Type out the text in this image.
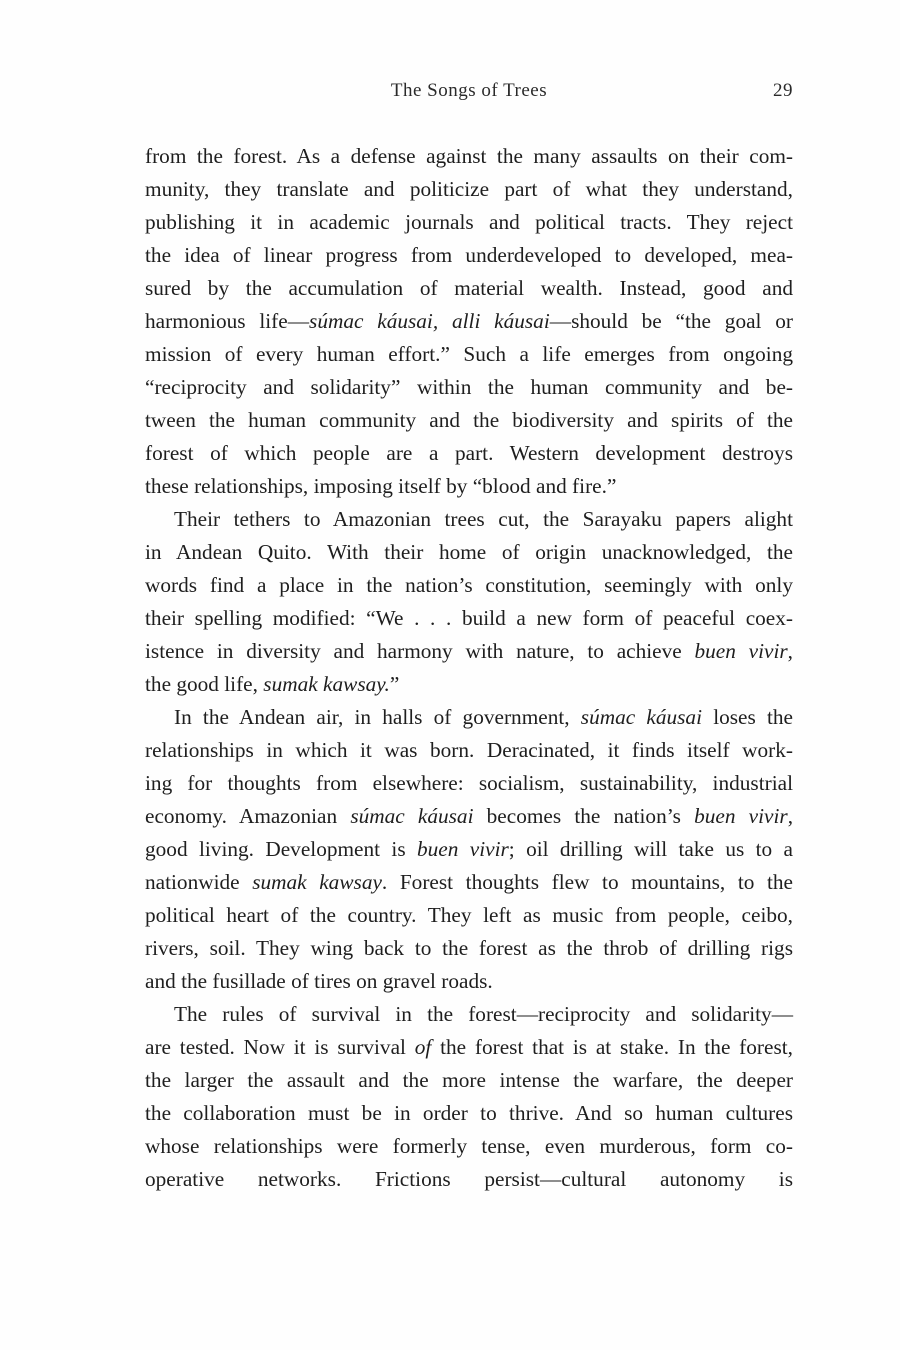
The Songs of Trees	29
from the forest. As a defense against the many assaults on their com-
munity, they translate and politicize part of what they understand,
publishing it in academic journals and political tracts. They reject
the idea of linear progress from underdeveloped to developed, mea-
sured by the accumulation of material wealth. Instead, good and
harmonious life—súmac káusai, alli káusai—should be “the goal or
mission of every human effort.” Such a life emerges from ongoing
“reciprocity and solidarity” within the human community and be-
tween the human community and the biodiversity and spirits of the
forest of which people are a part. Western development destroys
these relationships, imposing itself by “blood and fire.”
Their tethers to Amazonian trees cut, the Sarayaku papers alight
in Andean Quito. With their home of origin unacknowledged, the
words find a place in the nation’s constitution, seemingly with only
their spelling modified: “We . . . build a new form of peaceful coex-
istence in diversity and harmony with nature, to achieve buen vivir,
the good life, sumak kawsay.”
In the Andean air, in halls of government, súmac káusai loses the
relationships in which it was born. Deracinated, it finds itself work-
ing for thoughts from elsewhere: socialism, sustainability, industrial
economy. Amazonian súmac káusai becomes the nation’s buen vivir,
good living. Development is buen vivir; oil drilling will take us to a
nationwide sumak kawsay. Forest thoughts flew to mountains, to the
political heart of the country. They left as music from people, ceibo,
rivers, soil. They wing back to the forest as the throb of drilling rigs
and the fusillade of tires on gravel roads.
The rules of survival in the forest—reciprocity and solidarity—
are tested. Now it is survival of the forest that is at stake. In the forest,
the larger the assault and the more intense the warfare, the deeper
the collaboration must be in order to thrive. And so human cultures
whose relationships were formerly tense, even murderous, form co-
operative networks. Frictions persist—cultural autonomy is
